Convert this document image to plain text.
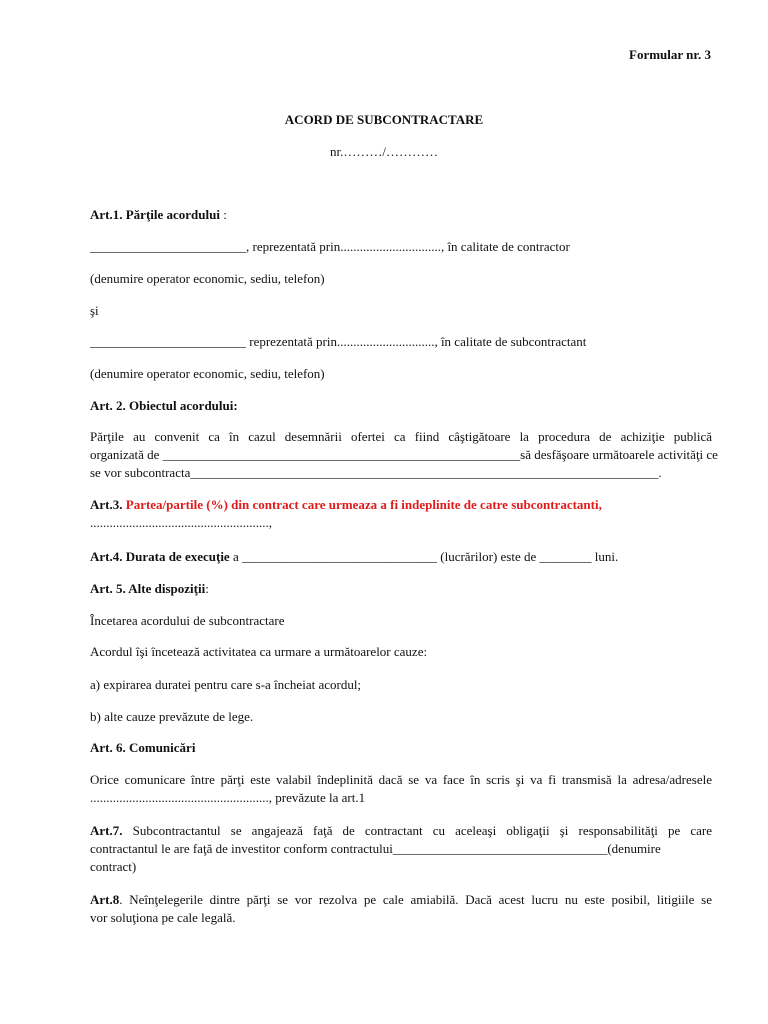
Formular nr. 3
ACORD DE SUBCONTRACTARE
nr.………/…………
Art.1. Părţile acordului :
________________________, reprezentată prin..............................., în calitate de contractor
(denumire operator economic, sediu, telefon)
şi
________________________ reprezentată prin.............................., în calitate de subcontractant
(denumire operator economic, sediu, telefon)
Art. 2. Obiectul acordului:
Părţile au convenit ca în cazul desemnării ofertei ca fiind câştigătoare la procedura de achiziţie publică
organizată de _______________________________________________________să desfăşoare următoarele activităţi ce
se vor subcontracta________________________________________________________________________.
Art.3. Partea/partile (%) din contract care urmeaza a fi indeplinite de catre subcontractanti,
.......................................................,
Art.4. Durata de execuţie a ______________________________ (lucrărilor) este de ________ luni.
Art. 5. Alte dispoziţii:
Încetarea acordului de subcontractare
Acordul îşi încetează activitatea ca urmare a următoarelor cauze:
a) expirarea duratei pentru care s-a încheiat acordul;
b) alte cauze prevăzute de lege.
Art. 6. Comunicări
Orice comunicare între părţi este valabil îndeplinită dacă se va face în scris şi va fi transmisă la adresa/adresele
......................................................., prevăzute la art.1
Art.7. Subcontractantul se angajează faţă de contractant cu aceleaşi obligaţii şi responsabilităţi pe care
contractantul le are faţă de investitor conform contractului_________________________________(denumire
contract)
Art.8. Neînţelegerile dintre părţi se vor rezolva pe cale amiabilă. Dacă acest lucru nu este posibil, litigiile se
vor soluţiona pe cale legală.
